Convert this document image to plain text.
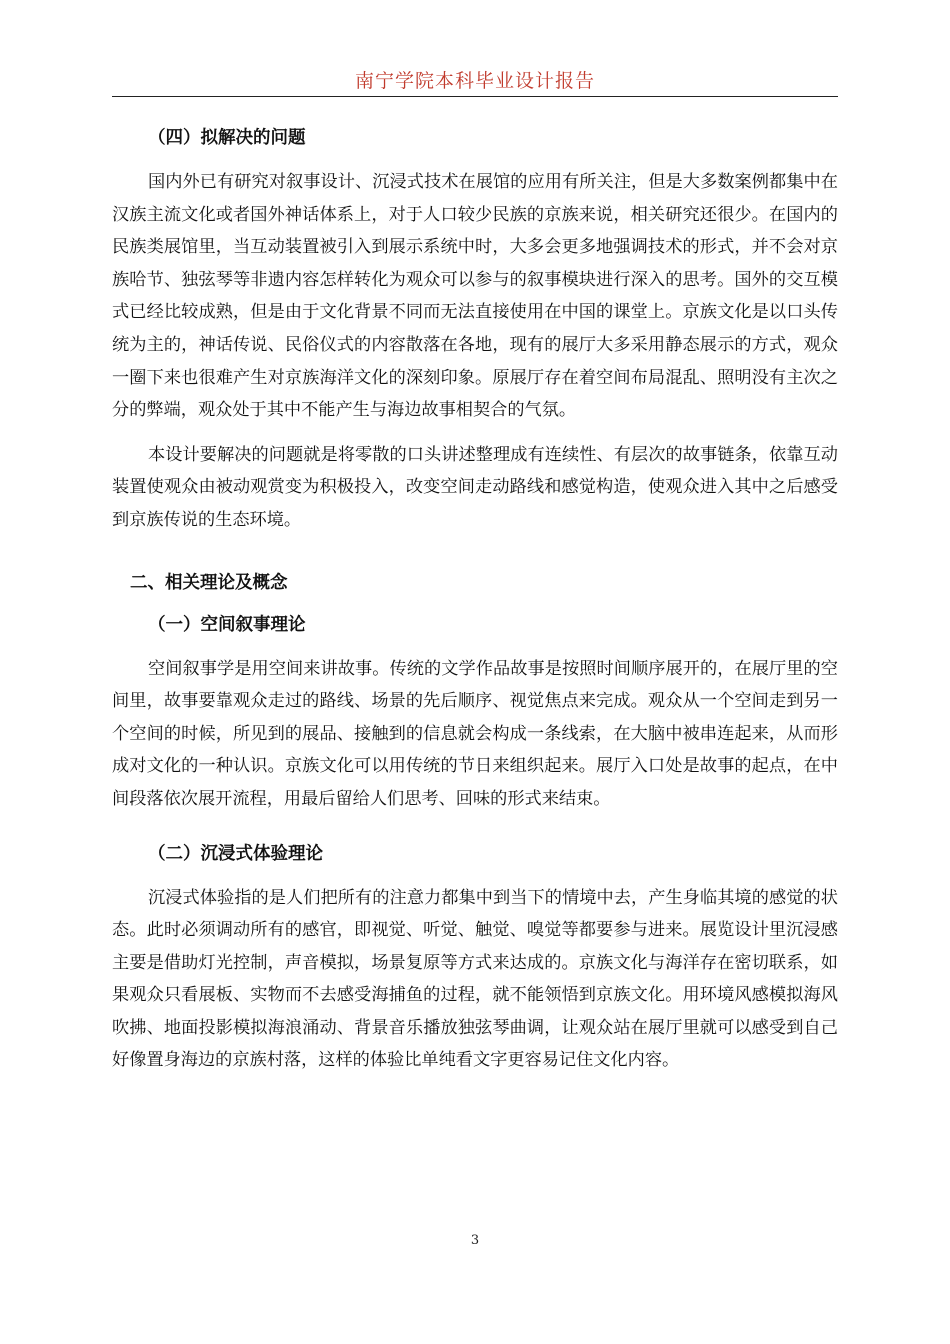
南宁学院本科毕业设计报告
（四）拟解决的问题

国内外已有研究对叙事设计、沉浸式技术在展馆的应用有所关注，但是大多数案例都集中在汉族主流文化或者国外神话体系上，对于人口较少民族的京族来说，相关研究还很少。在国内的民族类展馆里，当互动装置被引入到展示系统中时，大多会更多地强调技术的形式，并不会对京族哈节、独弦琴等非遗内容怎样转化为观众可以参与的叙事模块进行深入的思考。国外的交互模式已经比较成熟，但是由于文化背景不同而无法直接使用在中国的课堂上。京族文化是以口头传统为主的，神话传说、民俗仪式的内容散落在各地，现有的展厅大多采用静态展示的方式，观众一圈下来也很难产生对京族海洋文化的深刻印象。原展厅存在着空间布局混乱、照明没有主次之分的弊端，观众处于其中不能产生与海边故事相契合的气氛。

本设计要解决的问题就是将零散的口头讲述整理成有连续性、有层次的故事链条，依靠互动装置使观众由被动观赏变为积极投入，改变空间走动路线和感觉构造，使观众进入其中之后感受到京族传说的生态环境。

二、相关理论及概念
（一）空间叙事理论

空间叙事学是用空间来讲故事。传统的文学作品故事是按照时间顺序展开的，在展厅里的空间里，故事要靠观众走过的路线、场景的先后顺序、视觉焦点来完成。观众从一个空间走到另一个空间的时候，所见到的展品、接触到的信息就会构成一条线索，在大脑中被串连起来，从而形成对文化的一种认识。京族文化可以用传统的节日来组织起来。展厅入口处是故事的起点，在中间段落依次展开流程，用最后留给人们思考、回味的形式来结束。

（二）沉浸式体验理论

沉浸式体验指的是人们把所有的注意力都集中到当下的情境中去，产生身临其境的感觉的状态。此时必须调动所有的感官，即视觉、听觉、触觉、嗅觉等都要参与进来。展览设计里沉浸感主要是借助灯光控制，声音模拟，场景复原等方式来达成的。京族文化与海洋存在密切联系，如果观众只看展板、实物而不去感受海捕鱼的过程，就不能领悟到京族文化。用环境风感模拟海风吹拂、地面投影模拟海浪涌动、背景音乐播放独弦琴曲调，让观众站在展厅里就可以感受到自己好像置身海边的京族村落，这样的体验比单纯看文字更容易记住文化内容。

3
